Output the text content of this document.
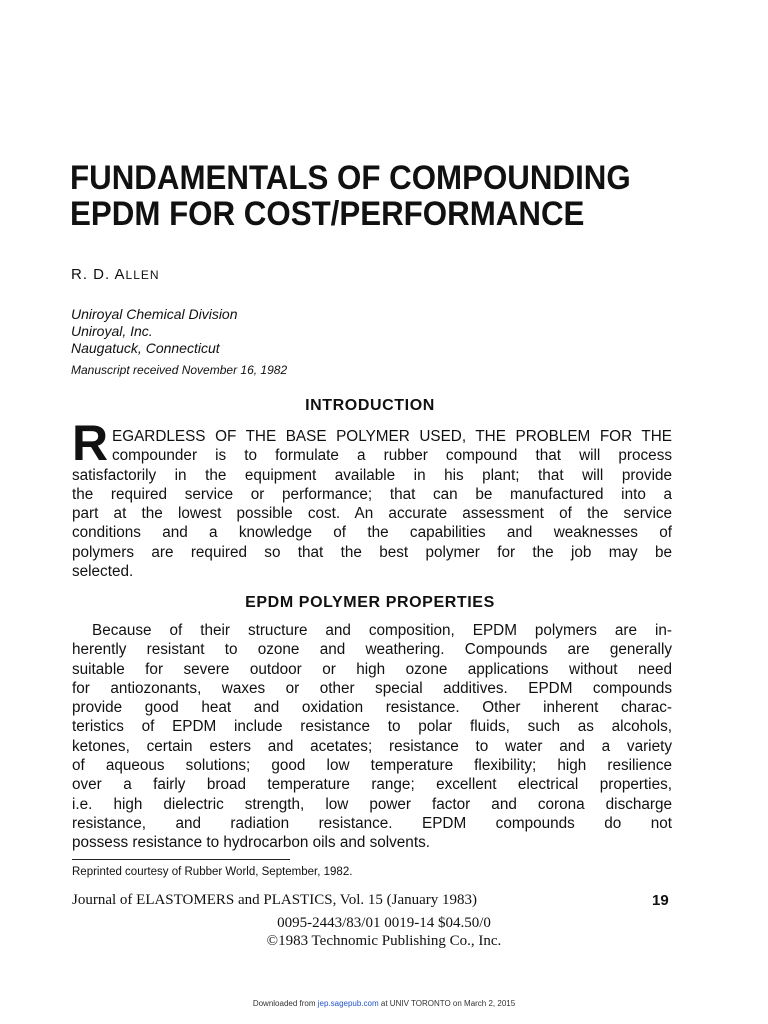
FUNDAMENTALS OF COMPOUNDING
EPDM FOR COST/PERFORMANCE
R. D. ALLEN
Uniroyal Chemical Division
Uniroyal, Inc.
Naugatuck, Connecticut
Manuscript received November 16, 1982
INTRODUCTION
R EGARDLESS OF THE BASE POLYMER USED, THE PROBLEM FOR THE
compounder is to formulate a rubber compound that will process
satisfactorily in the equipment available in his plant; that will provide
the required service or performance; that can be manufactured into a
part at the lowest possible cost. An accurate assessment of the service
conditions and a knowledge of the capabilities and weaknesses of
polymers are required so that the best polymer for the job may be
selected.
EPDM POLYMER PROPERTIES
Because of their structure and composition, EPDM polymers are in-
herently resistant to ozone and weathering. Compounds are generally
suitable for severe outdoor or high ozone applications without need
for antiozonants, waxes or other special additives. EPDM compounds
provide good heat and oxidation resistance. Other inherent charac-
teristics of EPDM include resistance to polar fluids, such as alcohols,
ketones, certain esters and acetates; resistance to water and a variety
of aqueous solutions; good low temperature flexibility; high resilience
over a fairly broad temperature range; excellent electrical properties,
i.e. high dielectric strength, low power factor and corona discharge
resistance, and radiation resistance. EPDM compounds do not
possess resistance to hydrocarbon oils and solvents.
Reprinted courtesy of Rubber World, September, 1982.
Journal of ELASTOMERS and PLASTICS, Vol. 15 (January 1983)	19
0095-2443/83/01 0019-14 $04.50/0
©1983 Technomic Publishing Co., Inc.
Downloaded from jep.sagepub.com at UNIV TORONTO on March 2, 2015
